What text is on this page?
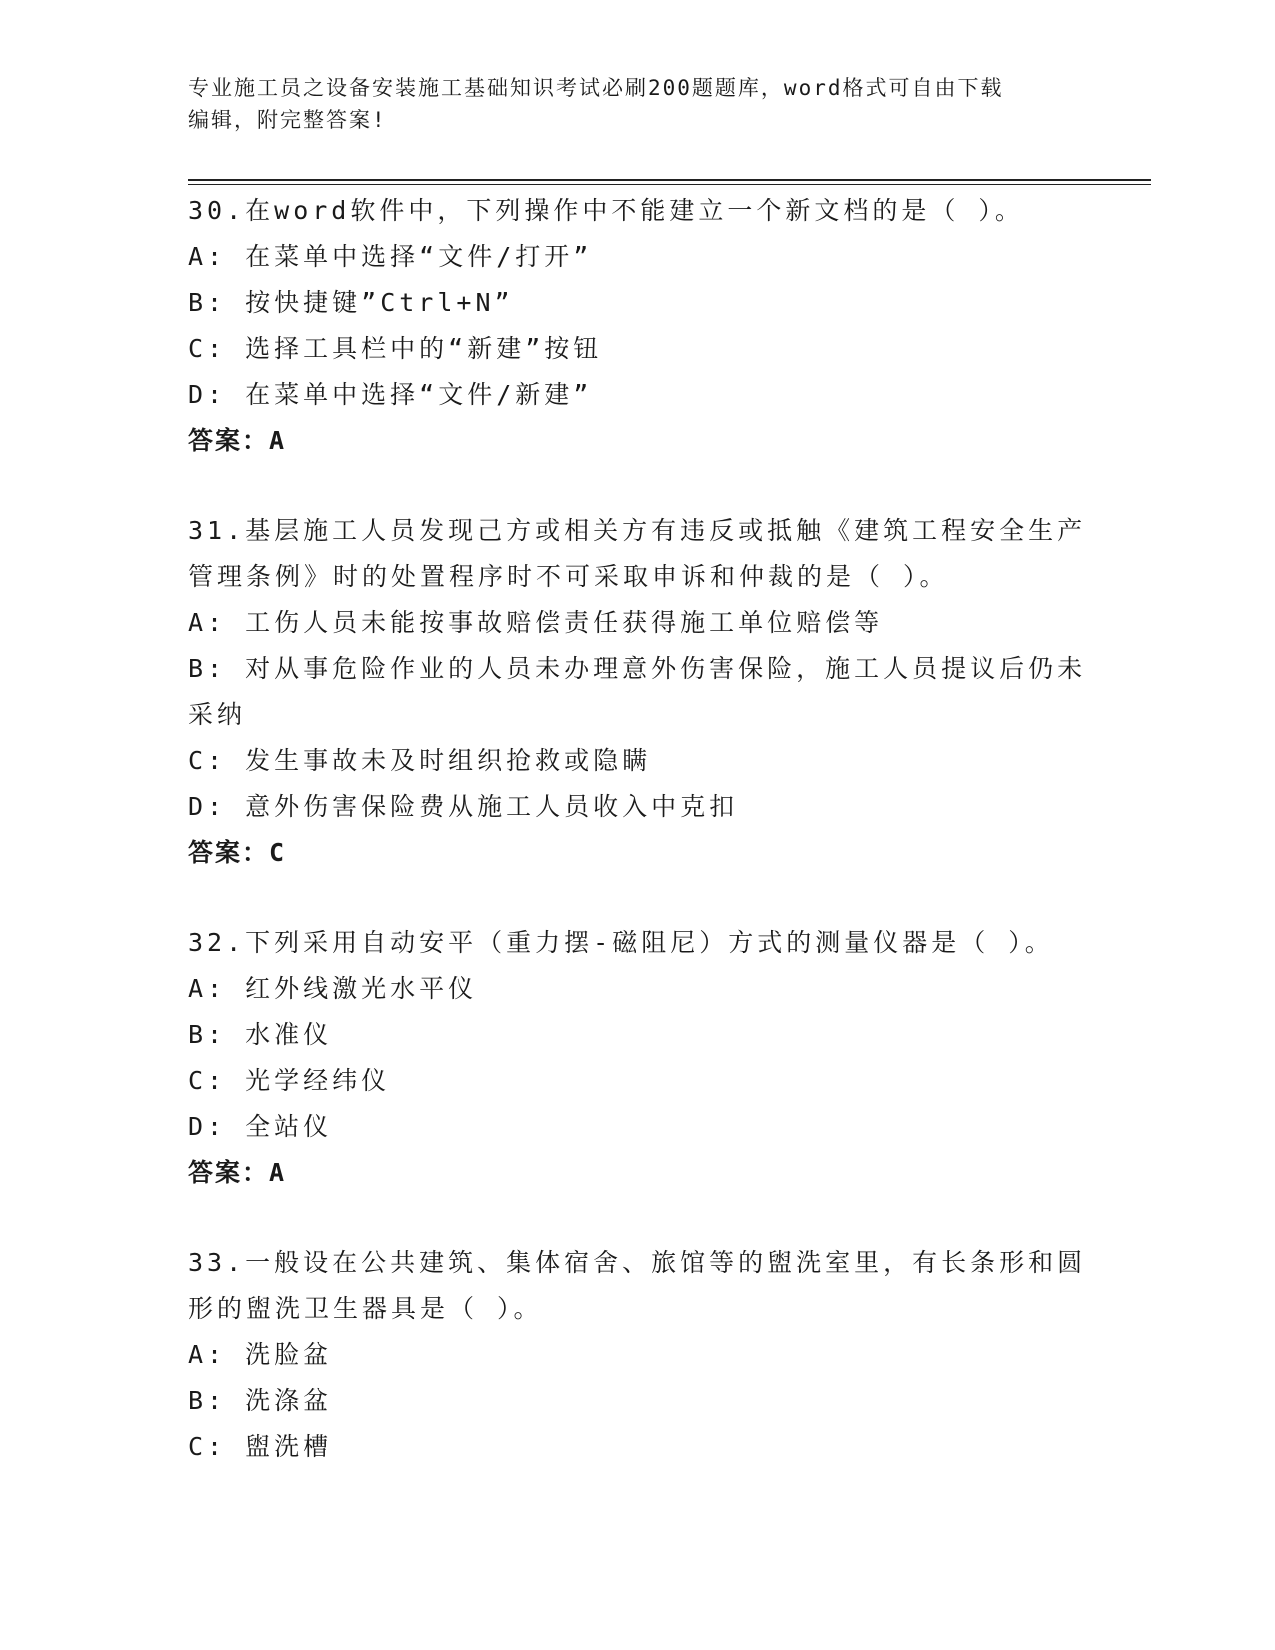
专业施工员之设备安装施工基础知识考试必刷200题题库，word格式可自由下载
编辑，附完整答案!
30.在word软件中，下列操作中不能建立一个新文档的是（ ）。
A: 在菜单中选择“文件/打开”
B: 按快捷键”Ctrl+N”
C: 选择工具栏中的“新建”按钮
D: 在菜单中选择“文件/新建”
答案：A
31.基层施工人员发现己方或相关方有违反或抵触《建筑工程安全生产
管理条例》时的处置程序时不可采取申诉和仲裁的是（ ）。
A: 工伤人员未能按事故赔偿责任获得施工单位赔偿等
B: 对从事危险作业的人员未办理意外伤害保险，施工人员提议后仍未
采纳
C: 发生事故未及时组织抢救或隐瞒
D: 意外伤害保险费从施工人员收入中克扣
答案：C
32.下列采用自动安平（重力摆-磁阻尼）方式的测量仪器是（ ）。
A: 红外线激光水平仪
B: 水准仪
C: 光学经纬仪
D: 全站仪
答案：A
33.一般设在公共建筑、集体宿舍、旅馆等的盥洗室里，有长条形和圆
形的盥洗卫生器具是（ ）。
A: 洗脸盆
B: 洗涤盆
C: 盥洗槽
